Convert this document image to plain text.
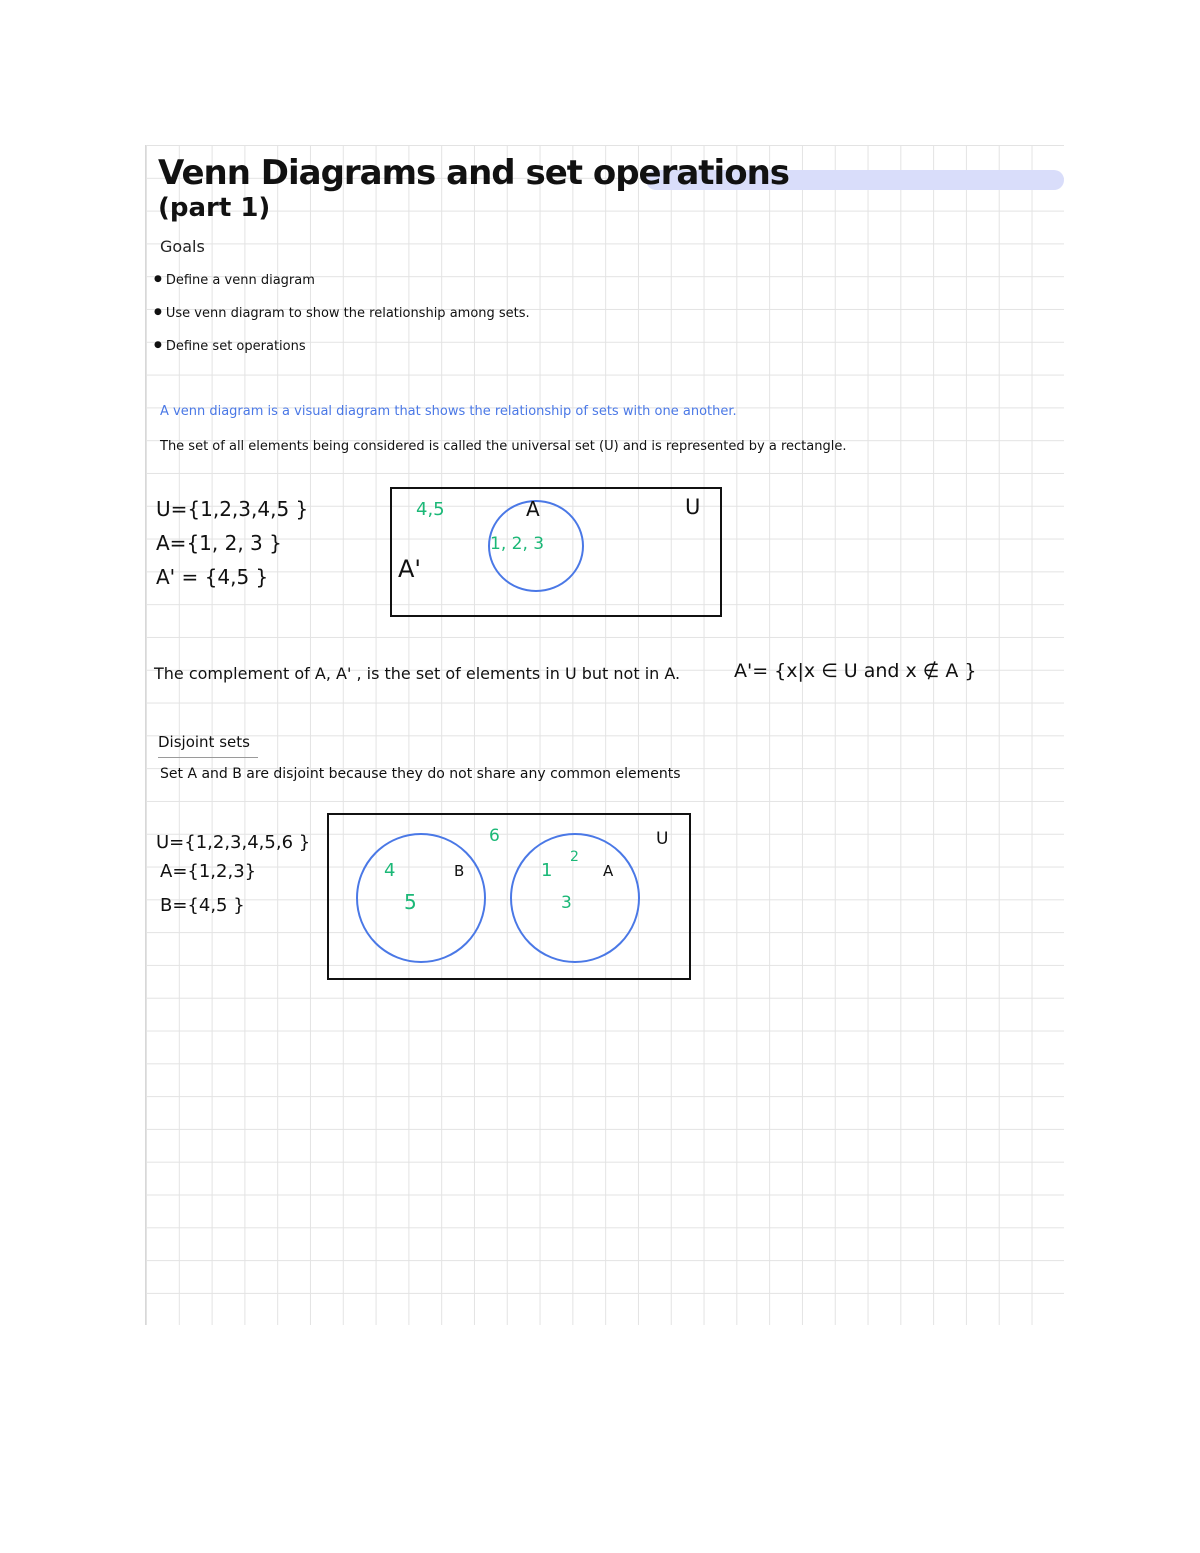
Venn Diagrams and set operations
(part 1)
Goals
● Define a venn diagram
● Use venn diagram to show the relationship among sets.
● Define set operations
A venn diagram is a visual diagram that shows the relationship of sets with one another.
The set of all elements being considered is called the universal set (U) and is represented by a rectangle.
U={1,2,3,4,5 }
A={1, 2, 3 }
A' = {4,5 }
4,5	A
1, 2, 3
U
A'
The complement of A, A' , is the set of elements in U but not in A.	A'= {x|x ∈ U and x ∉ A }
Disjoint sets
Set A and B are disjoint because they do not share any common elements
U={1,2,3,4,5,6 }
A={1,2,3}
B={4,5 }
6	U
4
5
B	1
2
3
A
